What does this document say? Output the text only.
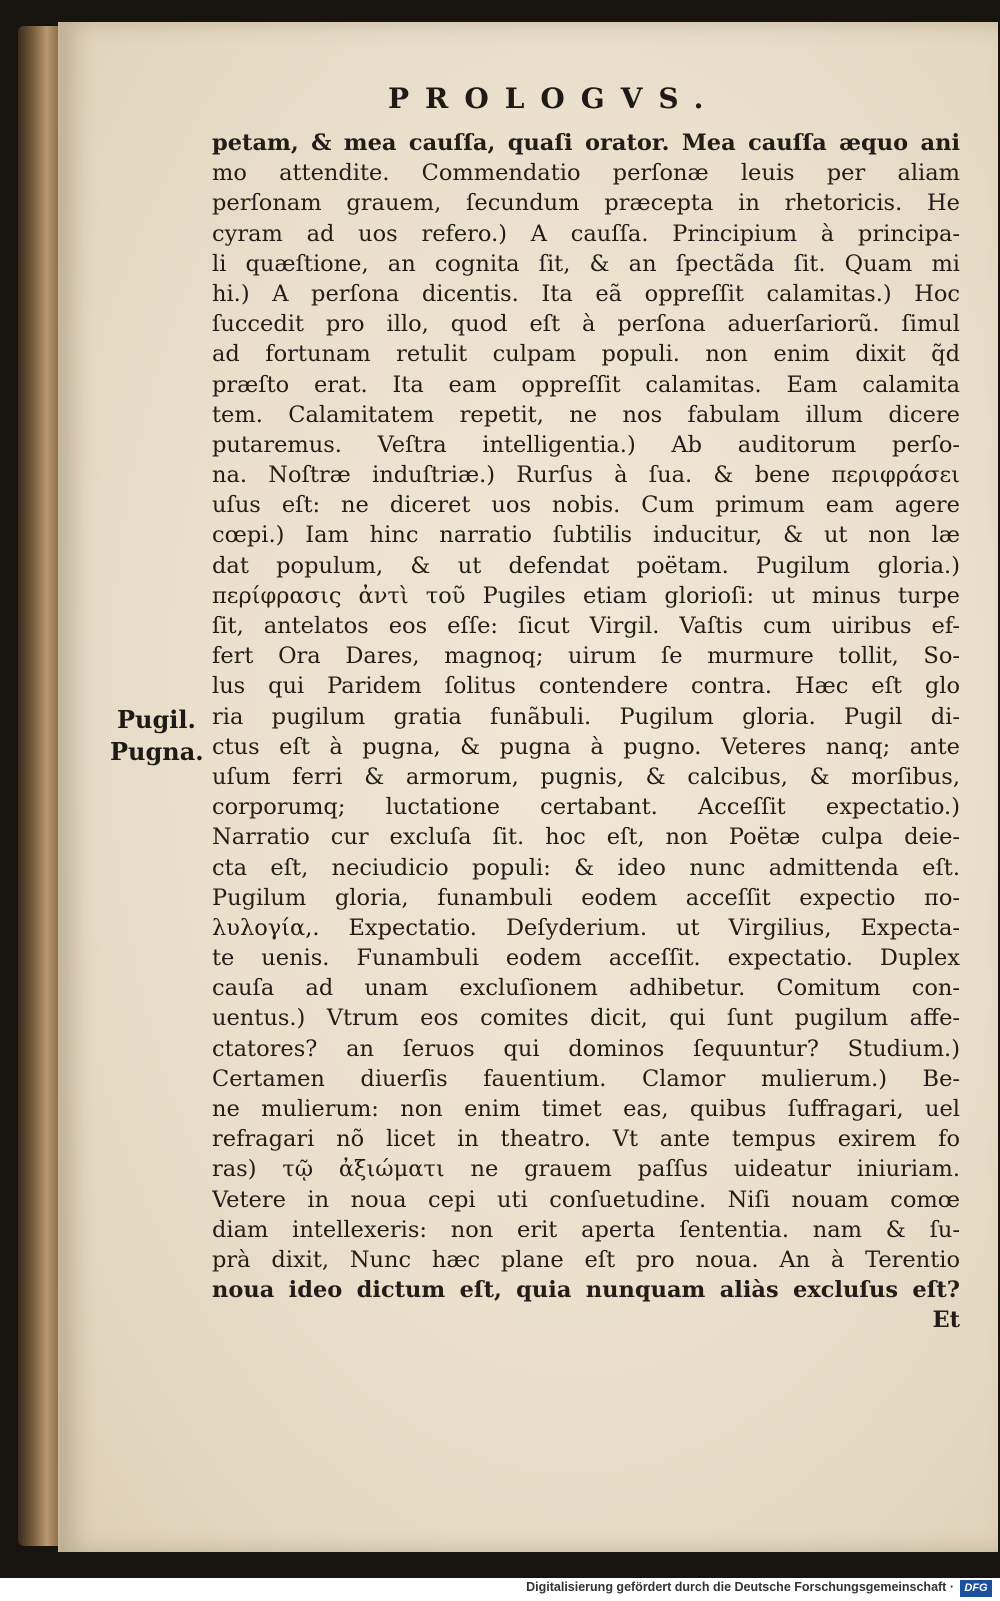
PROLOGVS.
Pugil.
Pugna.
petam, & mea cauſſa, quaſi orator. Mea cauſſa æquo ani
mo attendite. Commendatio perſonæ leuis per aliam
perſonam grauem, ſecundum præcepta in rhetoricis. He
cyram ad uos refero.) A cauſſa. Principium à principa-
li quæſtione, an cognita ſit, & an ſpectãda ſit. Quam mi
hi.) A perſona dicentis. Ita eã oppreſſit calamitas.) Hoc
ſuccedit pro illo, quod eſt à perſona aduerſariorũ. ſimul
ad fortunam retulit culpam populi. non enim dixit q̃d
præſto erat. Ita eam oppreſſit calamitas. Eam calamita
tem. Calamitatem repetit, ne nos fabulam illum dicere
putaremus. Veſtra intelligentia.) Ab auditorum perſo-
na. Noſtræ induſtriæ.) Rurſus à ſua. & bene περιφράσει
uſus eſt: ne diceret uos nobis. Cum primum eam agere
cœpi.) Iam hinc narratio ſubtilis inducitur, & ut non læ
dat populum, & ut defendat poëtam. Pugilum gloria.)
περίφρασις ἀντὶ τοῦ Pugiles etiam glorioſi: ut minus turpe
ſit, antelatos eos eſſe: ſicut Virgil. Vaſtis cum uiribus ef-
fert Ora Dares, magnoq; uirum ſe murmure tollit, So-
lus qui Paridem ſolitus contendere contra. Hæc eſt glo
ria pugilum gratia funãbuli. Pugilum gloria. Pugil di-
ctus eſt à pugna, & pugna à pugno. Veteres nanq; ante
uſum ferri & armorum, pugnis, & calcibus, & morſibus,
corporumq; luctatione certabant. Acceſſit expectatio.)
Narratio cur excluſa ſit. hoc eſt, non Poëtæ culpa deie-
cta eſt, neciudicio populi: & ideo nunc admittenda eſt.
Pugilum gloria, funambuli eodem acceſſit expectio πο-
λυλογία,. Expectatio. Deſyderium. ut Virgilius, Expecta-
te uenis. Funambuli eodem acceſſit. expectatio. Duplex
cauſa ad unam excluſionem adhibetur. Comitum con-
uentus.) Vtrum eos comites dicit, qui ſunt pugilum affe-
ctatores? an ſeruos qui dominos ſequuntur? Studium.)
Certamen diuerſis fauentium. Clamor mulierum.) Be-
ne mulierum: non enim timet eas, quibus ſuffragari, uel
refragari nõ licet in theatro. Vt ante tempus exirem fo
ras) τῷ ἀξιώματι ne grauem paſſus uideatur iniuriam.
Vetere in noua cepi uti conſuetudine. Niſi nouam comœ
diam intellexeris: non erit aperta ſententia. nam & ſu-
prà dixit, Nunc hæc plane eſt pro noua. An à Terentio
noua ideo dictum eſt, quia nunquam aliàs excluſus eſt?
Et
Digitalisierung gefördert durch die Deutsche Forschungsgemeinschaft · DFG
